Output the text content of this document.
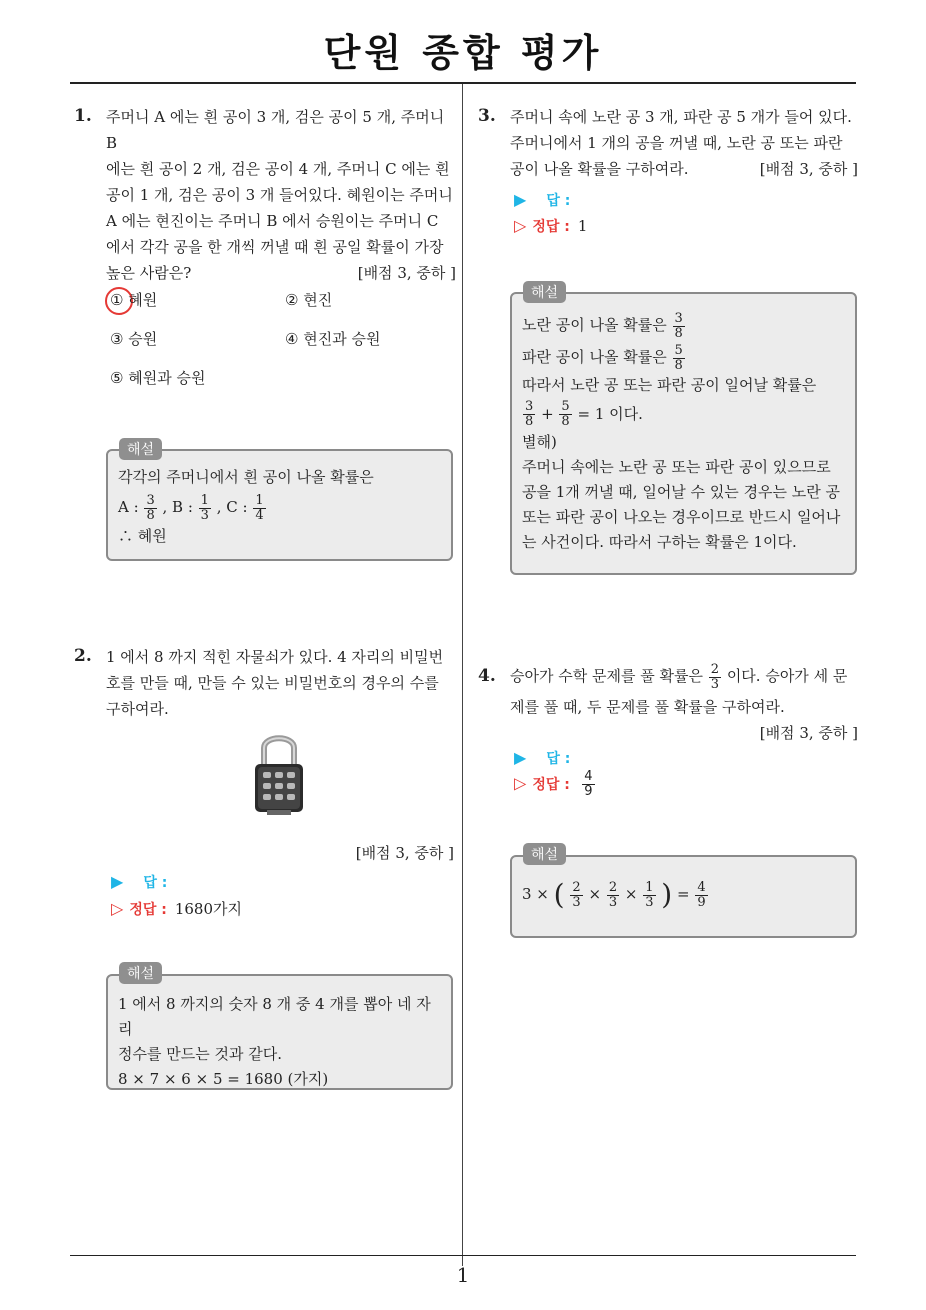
단원 종합 평가
1. 주머니 A 에는 흰 공이 3 개, 검은 공이 5 개, 주머니 B
에는 흰 공이 2 개, 검은 공이 4 개, 주머니 C 에는 흰
공이 1 개, 검은 공이 3 개 들어있다. 혜원이는 주머니
A 에는 현진이는 주머니 B 에서 승원이는 주머니 C
에서 각각 공을 한 개씩 꺼낼 때 흰 공일 확률이 가장
높은 사람은?	[배점 3, 중하 ]
① 혜원	② 현진
③ 승원	④ 현진과 승원
⑤ 혜원과 승원
각각의 주머니에서 흰 공이 나올 확률은
A : $\frac{3}{8}$ , B : $\frac{1}{3}$ , C : $\frac{1}{4}$
∴ 혜원
해설
2. 1 에서 8 까지 적힌 자물쇠가 있다. 4 자리의 비밀번
호를 만들 때, 만들 수 있는 비밀번호의 경우의 수를
구하여라.
[배점 3, 중하 ]
▶ 답 :
▷ 정답 : 1680가지
1 에서 8 까지의 숫자 8 개 중 4 개를 뽑아 네 자리
정수를 만드는 것과 같다.
8 × 7 × 6 × 5 = 1680 (가지)
해설
3. 주머니 속에 노란 공 3 개, 파란 공 5 개가 들어 있다.
주머니에서 1 개의 공을 꺼낼 때, 노란 공 또는 파란
공이 나올 확률을 구하여라.	[배점 3, 중하 ]
▶ 답 :
▷ 정답 : 1
노란 공이 나올 확률은 $\frac{3}{8}$
파란 공이 나올 확률은 $\frac{5}{8}$
따라서 노란 공 또는 파란 공이 일어날 확률은
$\frac{3}{8} + \frac{5}{8} = 1$ 이다.
별해)
주머니 속에는 노란 공 또는 파란 공이 있으므로
공을 1개 꺼낼 때, 일어날 수 있는 경우는 노란 공
또는 파란 공이 나오는 경우이므로 반드시 일어나
는 사건이다. 따라서 구하는 확률은 1이다.
해설
4. 승아가 수학 문제를 풀 확률은 $\frac{2}{3}$ 이다. 승아가 세 문
제를 풀 때, 두 문제를 풀 확률을 구하여라.
[배점 3, 중하 ]
▶ 답 :
▷ 정답 : $\frac{4}{9}$
3 × ( $\frac{2}{3} \times \frac{2}{3} \times \frac{1}{3}$ ) = $\frac{4}{9}$
해설
1
